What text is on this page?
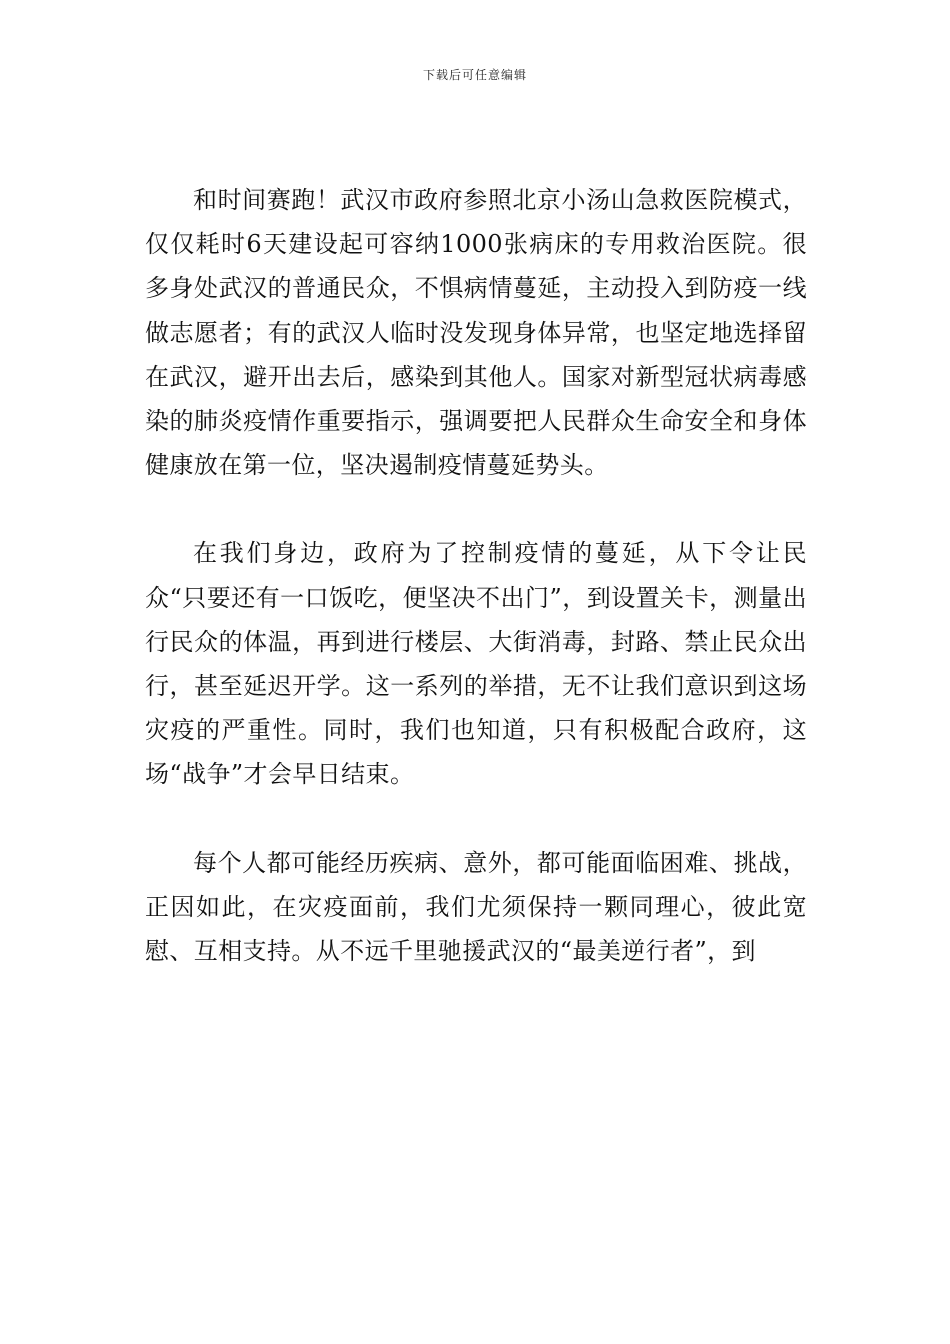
下载后可任意编辑

和时间赛跑！武汉市政府参照北京小汤山急救医院模式，仅仅耗时6天建设起可容纳1000张病床的专用救治医院。很多身处武汉的普通民众，不惧病情蔓延，主动投入到防疫一线做志愿者；有的武汉人临时没发现身体异常，也坚定地选择留在武汉，避开出去后，感染到其他人。国家对新型冠状病毒感染的肺炎疫情作重要指示，强调要把人民群众生命安全和身体健康放在第一位，坚决遏制疫情蔓延势头。

在我们身边，政府为了控制疫情的蔓延，从下令让民众“只要还有一口饭吃，便坚决不出门”，到设置关卡，测量出行民众的体温，再到进行楼层、大街消毒，封路、禁止民众出行，甚至延迟开学。这一系列的举措，无不让我们意识到这场灾疫的严重性。同时，我们也知道，只有积极配合政府，这场“战争”才会早日结束。

每个人都可能经历疾病、意外，都可能面临困难、挑战，正因如此，在灾疫面前，我们尤须保持一颗同理心，彼此宽慰、互相支持。从不远千里驰援武汉的“最美逆行者”，到
